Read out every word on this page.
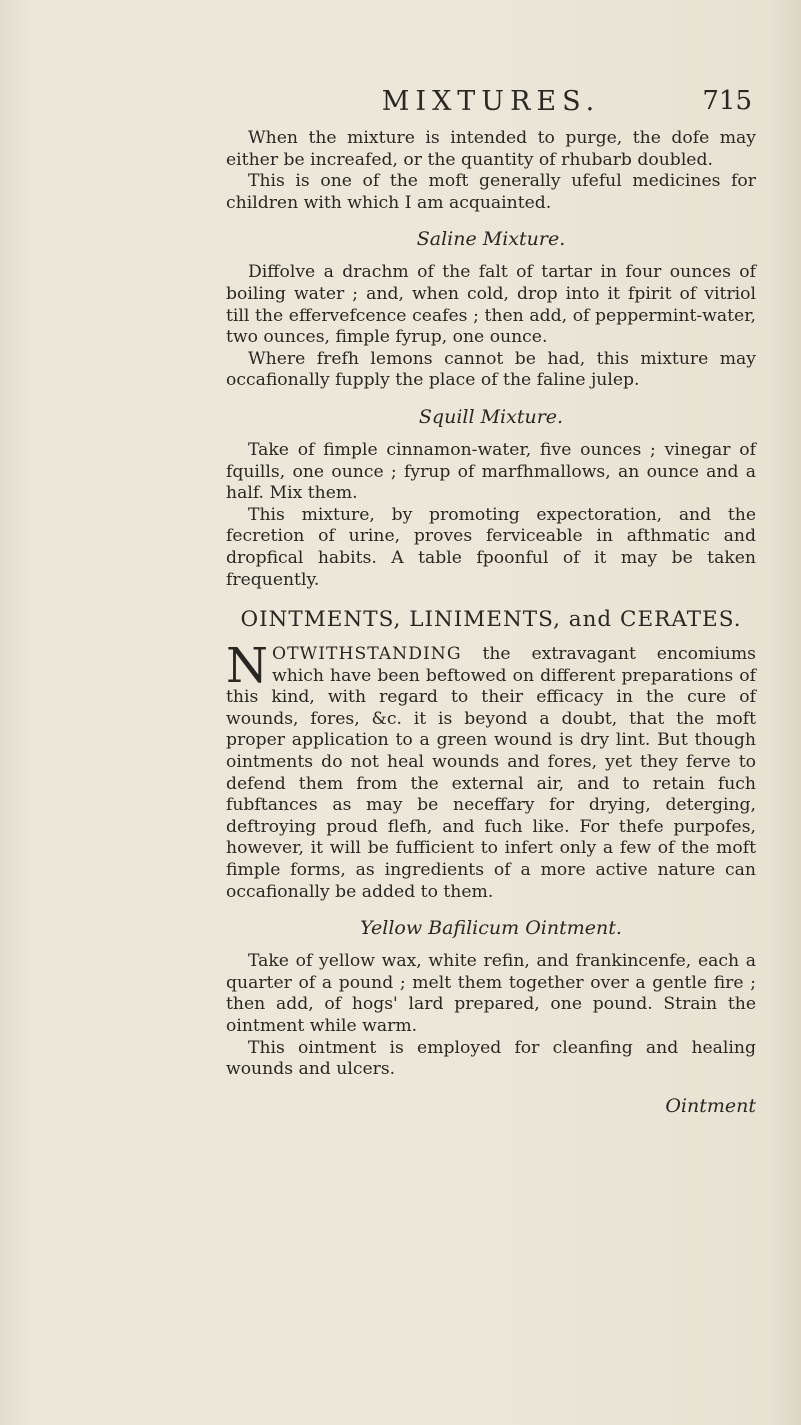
MIXTURES.	715

When the mixture is intended to purge, the dofe may either be increafed, or the quantity of rhubarb doubled.

This is one of the moft generally ufeful medicines for children with which I am acquainted.

Saline Mixture.

Diffolve a drachm of the falt of tartar in four ounces of boiling water ; and, when cold, drop into it fpirit of vitriol till the effervefcence ceafes ; then add, of peppermint-water, two ounces, fimple fyrup, one ounce.

Where frefh lemons cannot be had, this mixture may occafionally fupply the place of the faline julep.

Squill Mixture.

Take of fimple cinnamon-water, five ounces ; vinegar of fquills, one ounce ; fyrup of marfhmallows, an ounce and a half. Mix them.

This mixture, by promoting expectoration, and the fecretion of urine, proves ferviceable in afthmatic and dropfical habits. A table fpoonful of it may be taken frequently.

OINTMENTS, LINIMENTS, and CERATES.

NOTWITHSTANDING the extravagant encomiums which have been beftowed on different preparations of this kind, with regard to their efficacy in the cure of wounds, fores, &c. it is beyond a doubt, that the moft proper application to a green wound is dry lint. But though ointments do not heal wounds and fores, yet they ferve to defend them from the external air, and to retain fuch fubftances as may be neceffary for drying, deterging, deftroying proud flefh, and fuch like. For thefe purpofes, however, it will be fufficient to infert only a few of the moft fimple forms, as ingredients of a more active nature can occafionally be added to them.

Yellow Bafilicum Ointment.

Take of yellow wax, white refin, and frankincenfe, each a quarter of a pound ; melt them together over a gentle fire ; then add, of hogs' lard prepared, one pound. Strain the ointment while warm.

This ointment is employed for cleanfing and healing wounds and ulcers.

Ointment
